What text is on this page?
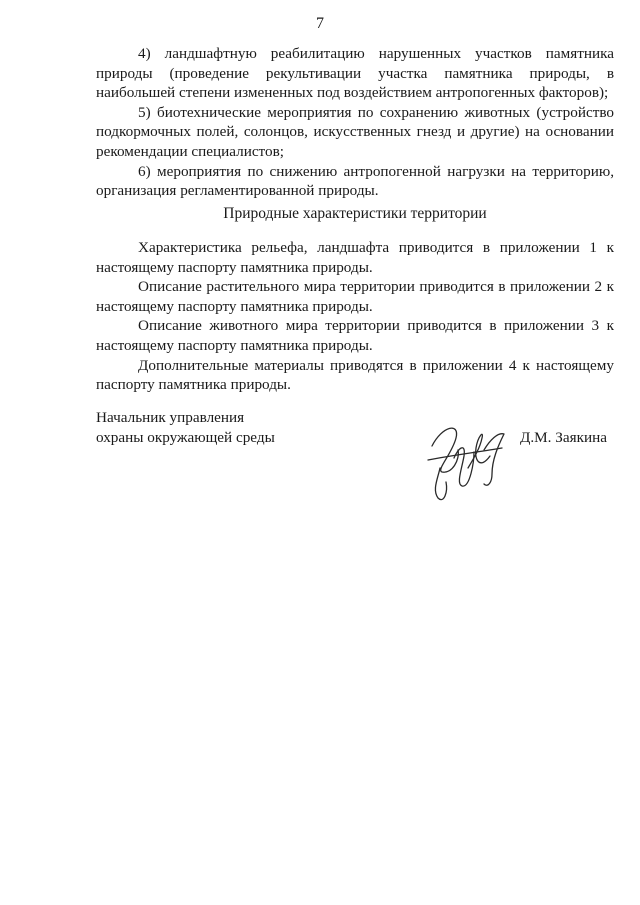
7

4) ландшафтную реабилитацию нарушенных участков памятника природы (проведение рекультивации участка памятника природы, в наибольшей степени измененных под воздействием антропогенных факторов);

5) биотехнические мероприятия по сохранению животных (устройство подкормочных полей, солонцов, искусственных гнезд и другие) на основании рекомендации специалистов;

6) мероприятия по снижению антропогенной нагрузки на территорию, организация регламентированной природы.

Природные характеристики территории

Характеристика рельефа, ландшафта приводится в приложении 1 к настоящему паспорту памятника природы.

Описание растительного мира территории приводится в приложении 2 к настоящему паспорту памятника природы.

Описание животного мира территории приводится в приложении 3 к настоящему паспорту памятника природы.

Дополнительные материалы приводятся в приложении 4 к настоящему паспорту памятника природы.

Начальник управления
охраны окружающей среды	Д.М. Заякина
